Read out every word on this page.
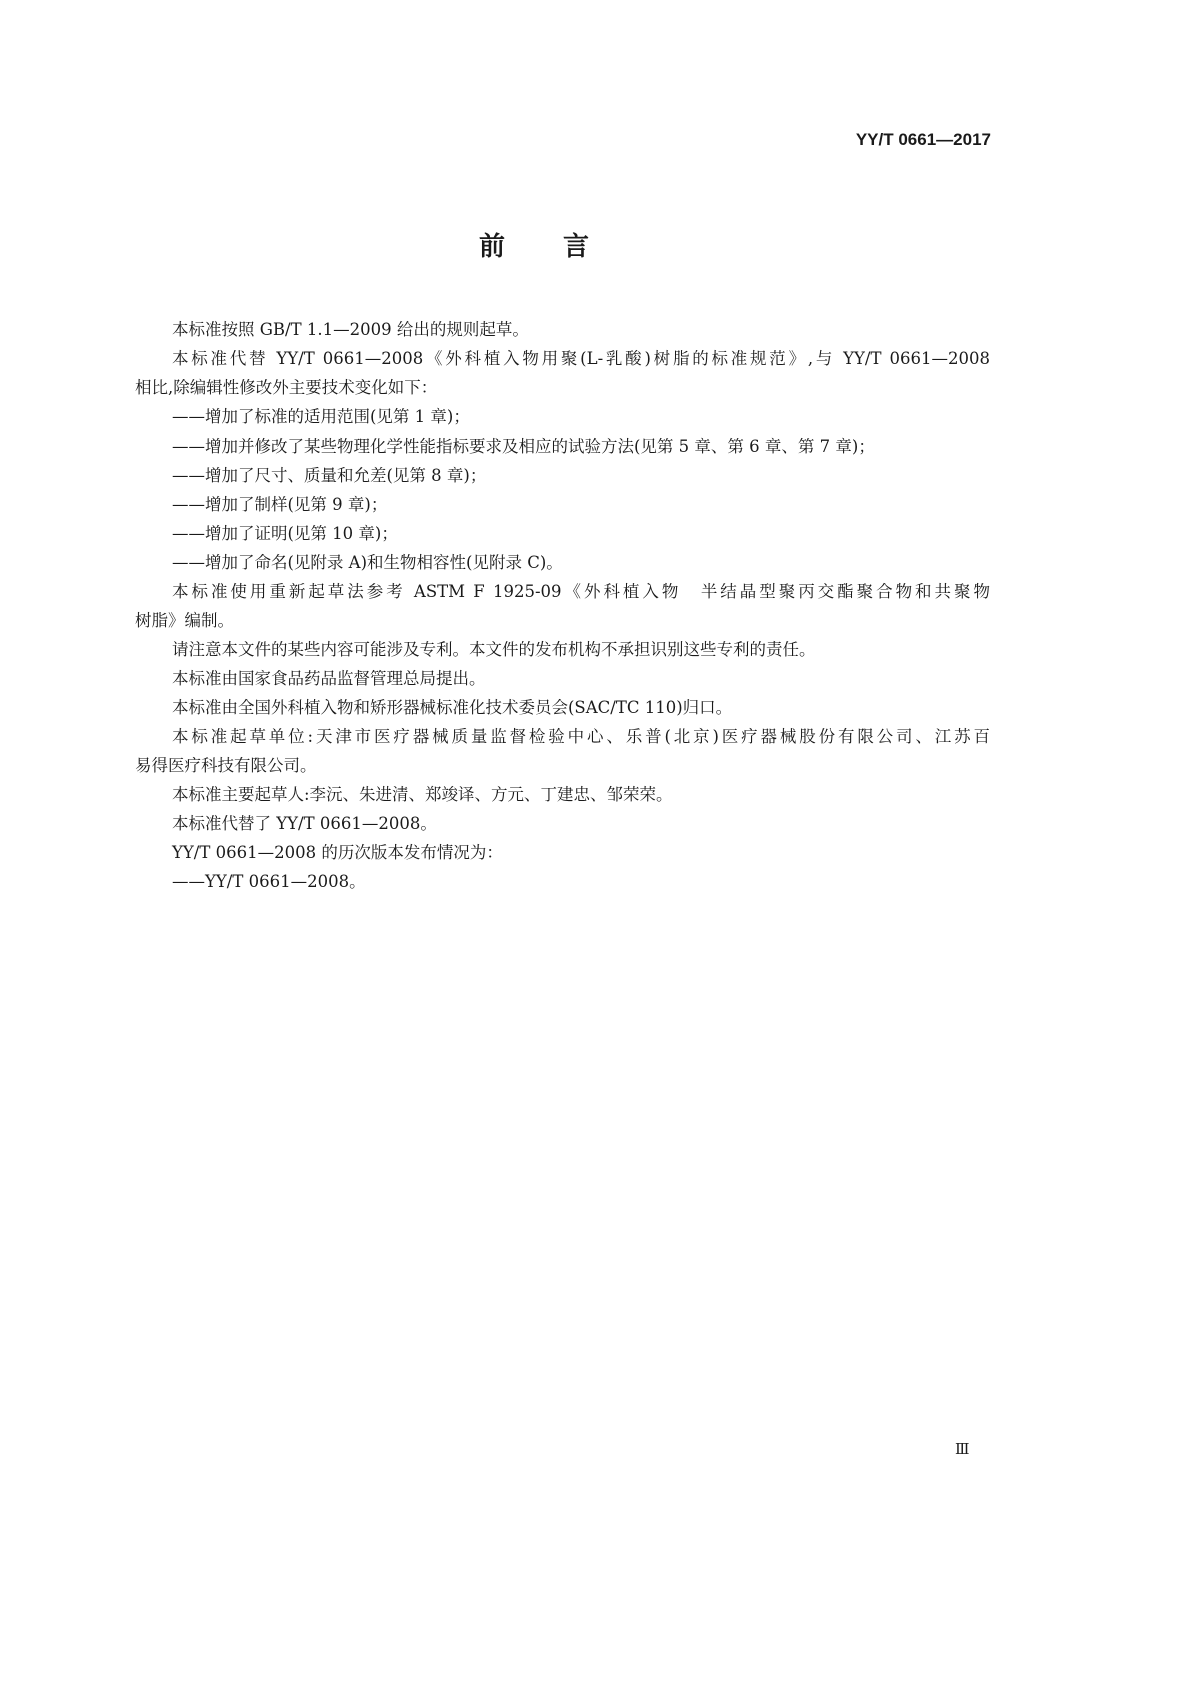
YY/T 0661—2017
前言
本标准按照 GB/T 1.1—2009 给出的规则起草。
本标准代替 YY/T 0661—2008《外科植入物用聚(L-乳酸)树脂的标准规范》,与 YY/T 0661—2008
相比,除编辑性修改外主要技术变化如下：
——增加了标准的适用范围(见第 1 章)；
——增加并修改了某些物理化学性能指标要求及相应的试验方法(见第 5 章、第 6 章、第 7 章)；
——增加了尺寸、质量和允差(见第 8 章)；
——增加了制样(见第 9 章)；
——增加了证明(见第 10 章)；
——增加了命名(见附录 A)和生物相容性(见附录 C)。
本标准使用重新起草法参考 ASTM F 1925-09《外科植入物　半结晶型聚丙交酯聚合物和共聚物
树脂》编制。
请注意本文件的某些内容可能涉及专利。本文件的发布机构不承担识别这些专利的责任。
本标准由国家食品药品监督管理总局提出。
本标准由全国外科植入物和矫形器械标准化技术委员会(SAC/TC 110)归口。
本标准起草单位:天津市医疗器械质量监督检验中心、乐普(北京)医疗器械股份有限公司、江苏百
易得医疗科技有限公司。
本标准主要起草人:李沅、朱进清、郑竣译、方元、丁建忠、邹荣荣。
本标准代替了 YY/T 0661—2008。
YY/T 0661—2008 的历次版本发布情况为：
——YY/T 0661—2008。
Ⅲ
